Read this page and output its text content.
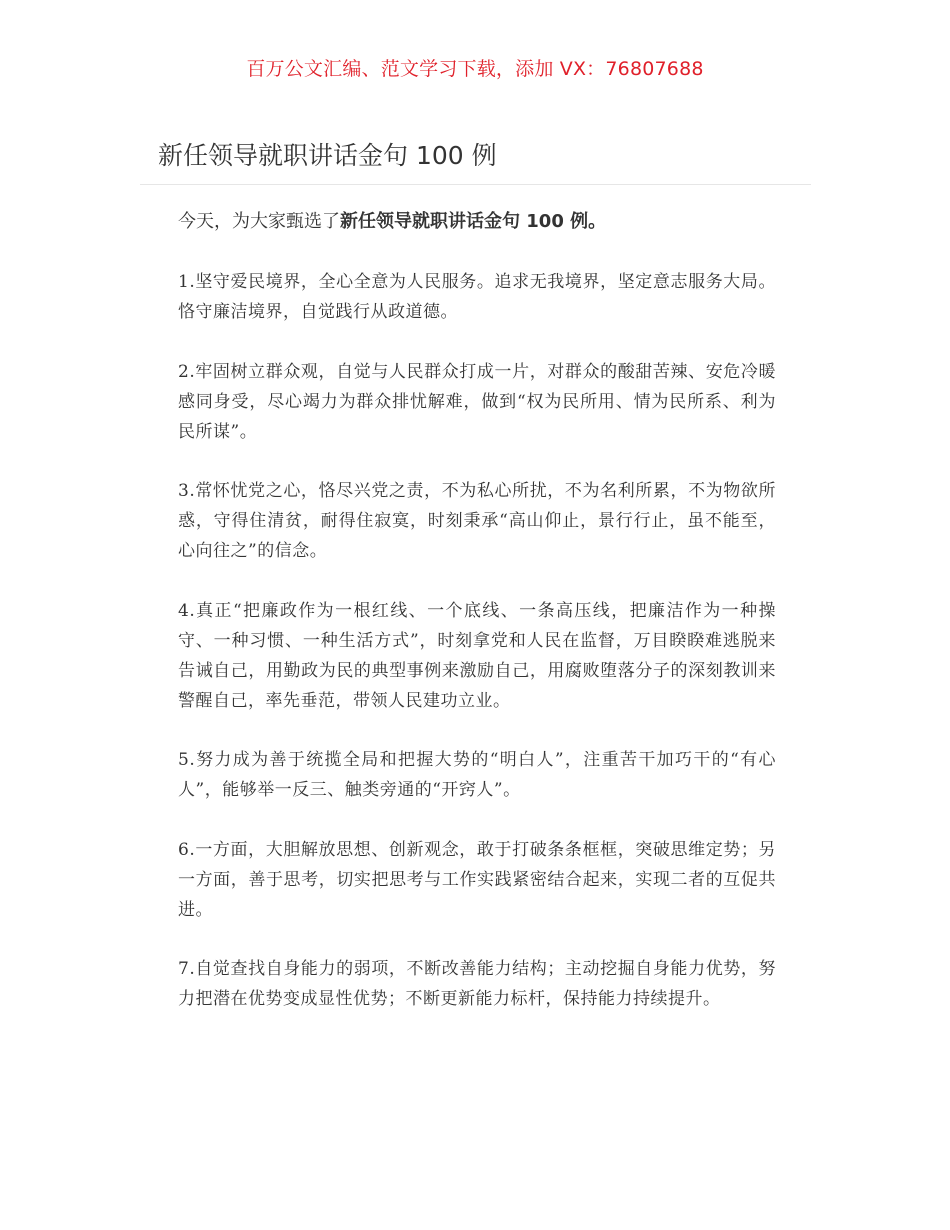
百万公文汇编、范文学习下载，添加 VX：76807688
新任领导就职讲话金句 100 例
今天，为大家甄选了新任领导就职讲话金句 100 例。

1.坚守爱民境界，全心全意为人民服务。追求无我境界，坚定意志服务大局。恪守廉洁境界，自觉践行从政道德。

2.牢固树立群众观，自觉与人民群众打成一片，对群众的酸甜苦辣、安危冷暖感同身受，尽心竭力为群众排忧解难，做到“权为民所用、情为民所系、利为民所谋”。

3.常怀忧党之心，恪尽兴党之责，不为私心所扰，不为名利所累，不为物欲所惑，守得住清贫，耐得住寂寞，时刻秉承“高山仰止，景行行止，虽不能至，心向往之”的信念。

4.真正“把廉政作为一根红线、一个底线、一条高压线，把廉洁作为一种操守、一种习惯、一种生活方式”，时刻拿党和人民在监督，万目睽睽难逃脱来告诫自己，用勤政为民的典型事例来激励自己，用腐败堕落分子的深刻教训来警醒自己，率先垂范，带领人民建功立业。

5.努力成为善于统揽全局和把握大势的“明白人”，注重苦干加巧干的“有心人”，能够举一反三、触类旁通的“开窍人”。

6.一方面，大胆解放思想、创新观念，敢于打破条条框框，突破思维定势；另一方面，善于思考，切实把思考与工作实践紧密结合起来，实现二者的互促共进。

7.自觉查找自身能力的弱项，不断改善能力结构；主动挖掘自身能力优势，努力把潜在优势变成显性优势；不断更新能力标杆，保持能力持续提升。
